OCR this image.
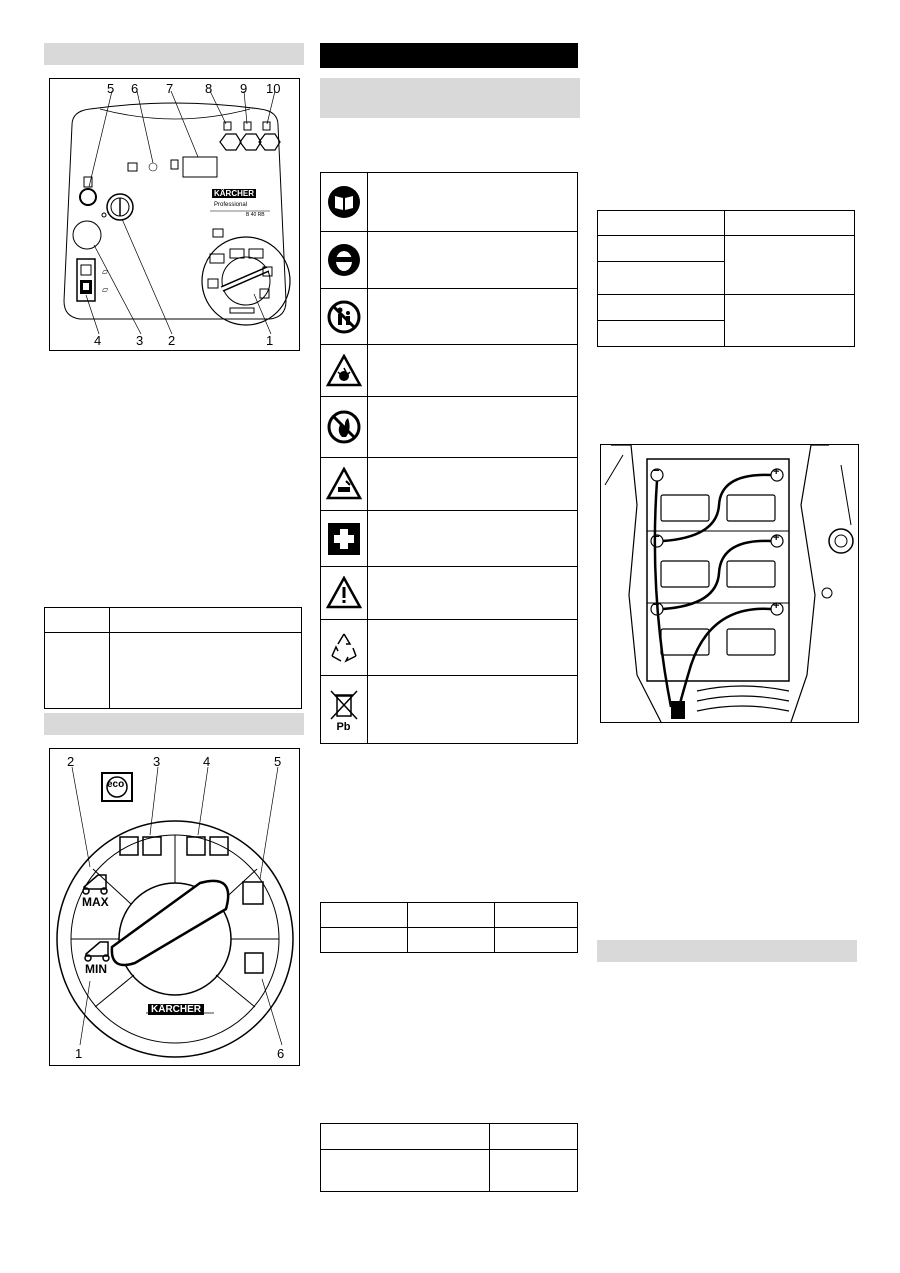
▱
▱
5 6 7 8 9 10
4	3 2	1
KÄRCHER
Professional
B 40 RB

2	3	4	5
1	6
MAX
MIN
eco
KÄRCHER
Pb

−
−
−
+
+
+
